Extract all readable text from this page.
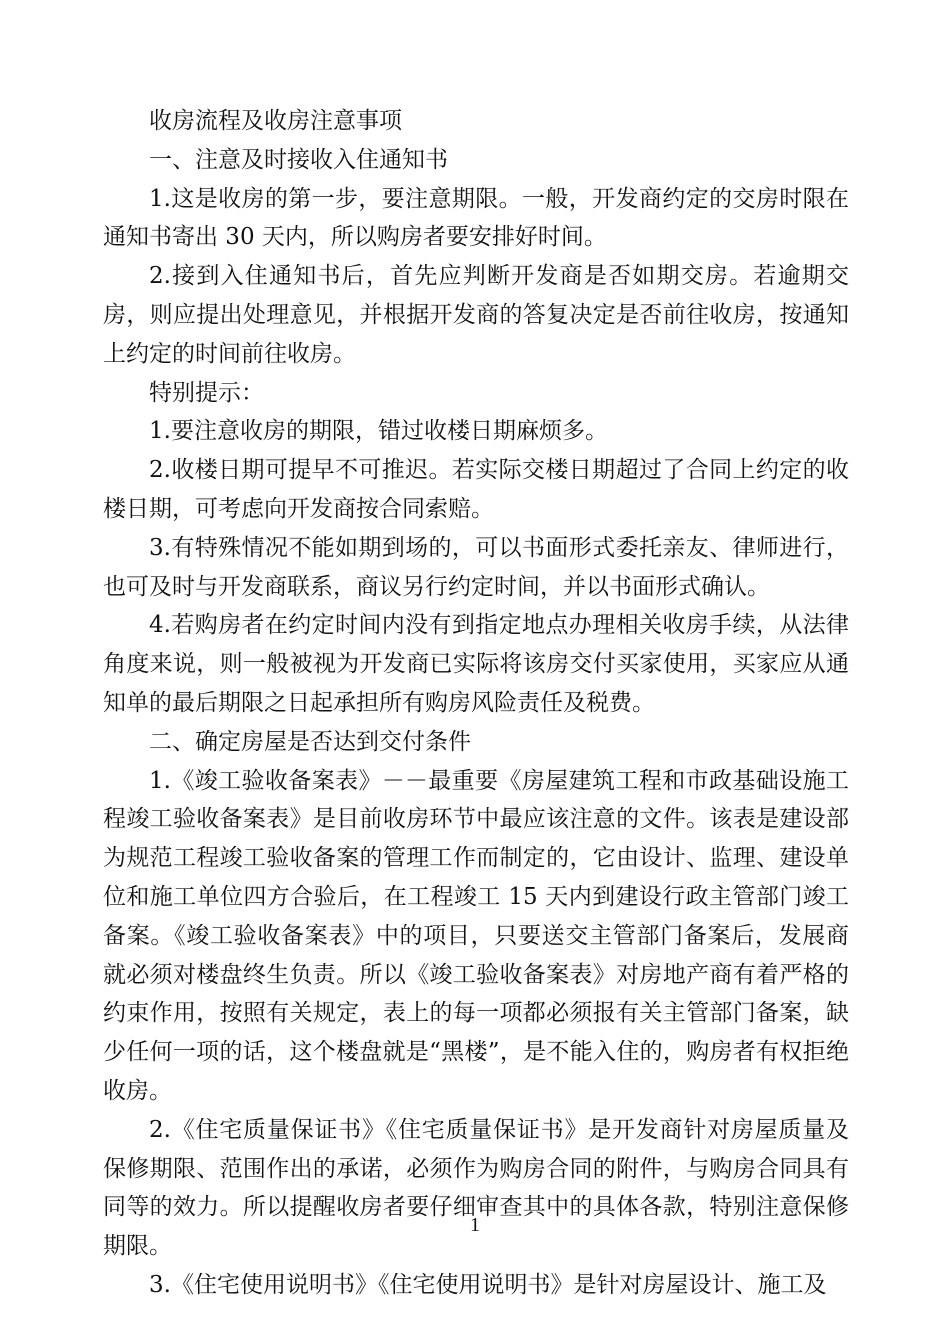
收房流程及收房注意事项

一、注意及时接收入住通知书

1.这是收房的第一步，要注意期限。一般，开发商约定的交房时限在通知书寄出 30 天内，所以购房者要安排好时间。

2.接到入住通知书后，首先应判断开发商是否如期交房。若逾期交房，则应提出处理意见，并根据开发商的答复决定是否前往收房，按通知上约定的时间前往收房。

特别提示：

1.要注意收房的期限，错过收楼日期麻烦多。

2.收楼日期可提早不可推迟。若实际交楼日期超过了合同上约定的收楼日期，可考虑向开发商按合同索赔。

3.有特殊情况不能如期到场的，可以书面形式委托亲友、律师进行，也可及时与开发商联系，商议另行约定时间，并以书面形式确认。

4.若购房者在约定时间内没有到指定地点办理相关收房手续，从法律角度来说，则一般被视为开发商已实际将该房交付买家使用，买家应从通知单的最后期限之日起承担所有购房风险责任及税费。

二、确定房屋是否达到交付条件

1.《竣工验收备案表》－－最重要《房屋建筑工程和市政基础设施工程竣工验收备案表》是目前收房环节中最应该注意的文件。该表是建设部为规范工程竣工验收备案的管理工作而制定的，它由设计、监理、建设单位和施工单位四方合验后，在工程竣工 15 天内到建设行政主管部门竣工备案。《竣工验收备案表》中的项目，只要送交主管部门备案后，发展商就必须对楼盘终生负责。所以《竣工验收备案表》对房地产商有着严格的约束作用，按照有关规定，表上的每一项都必须报有关主管部门备案，缺少任何一项的话，这个楼盘就是“黑楼”，是不能入住的，购房者有权拒绝收房。

2.《住宅质量保证书》《住宅质量保证书》是开发商针对房屋质量及保修期限、范围作出的承诺，必须作为购房合同的附件，与购房合同具有同等的效力。所以提醒收房者要仔细审查其中的具体各款，特别注意保修期限。

3.《住宅使用说明书》《住宅使用说明书》是针对房屋设计、施工及

1
